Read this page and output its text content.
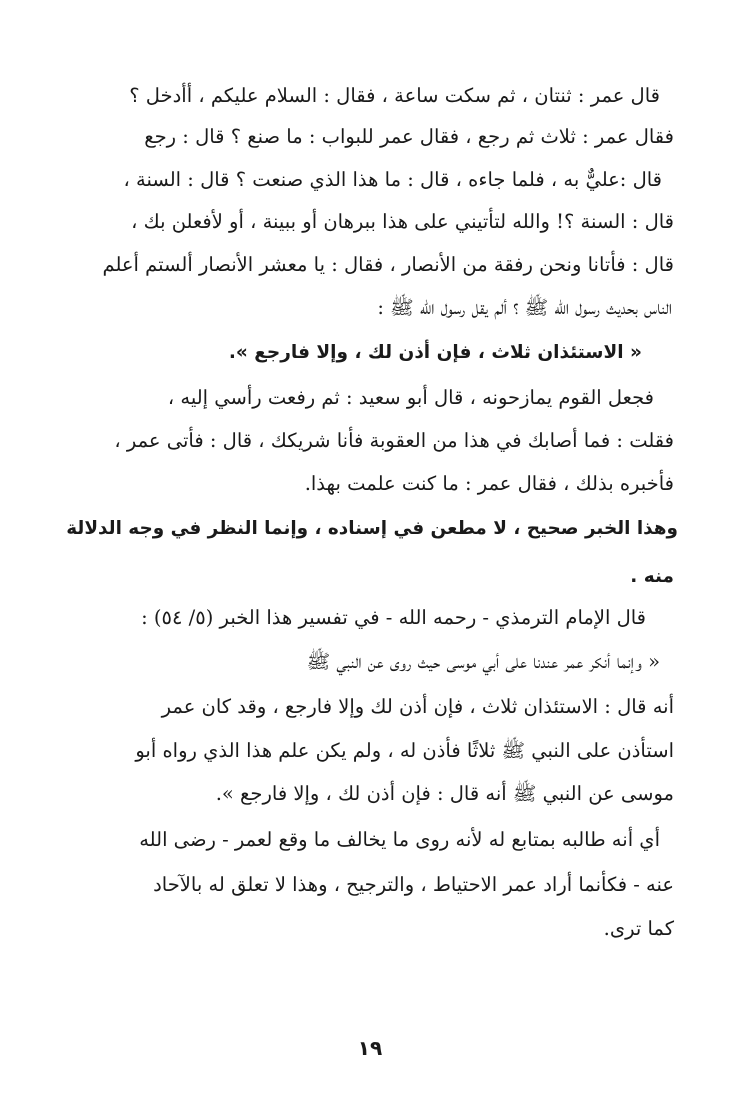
قال عمر : ثنتان ، ثم سكت ساعة ، فقال : السلام عليكم ، أأدخل ؟
فقال عمر : ثلاث ثم رجع ، فقال عمر للبواب : ما صنع ؟ قال : رجع
قال :عليٌّ به ، فلما جاءه ، قال : ما هذا الذي صنعت ؟ قال : السنة ،
قال : السنة ؟! والله لتأتيني على هذا ببرهان أو ببينة ، أو لأفعلن بك ،
قال : فأتانا ونحن رفقة من الأنصار ، فقال : يا معشر الأنصار ألستم أعلم
الناس بحديث رسول الله ﷺ ؟ ألم يقل رسول الله ﷺ :
« الاستئذان ثلاث ، فإن أذن لك ، وإلا فارجع ».
فجعل القوم يمازحونه ، قال أبو سعيد : ثم رفعت رأسي إليه ،
فقلت : فما أصابك في هذا من العقوبة فأنا شريكك ، قال : فأتى عمر ،
فأخبره بذلك ، فقال عمر : ما كنت علمت بهذا.
وهذا الخبر صحيح ، لا مطعن في إسناده ، وإنما النظر في وجه الدلالة
منه .
قال الإمام الترمذي - رحمه الله - في تفسير هذا الخبر (٥/ ٥٤) :
« وإنما أنكر عمر عندنا على أبي موسى حيث روى عن النبي ﷺ
أنه قال : الاستئذان ثلاث ، فإن أذن لك وإلا فارجع ، وقد كان عمر
استأذن على النبي ﷺ ثلاثًا فأذن له ، ولم يكن علم هذا الذي رواه أبو
موسى عن النبي ﷺ أنه قال : فإن أذن لك ، وإلا فارجع ».
أي أنه طالبه بمتابع له لأنه روى ما يخالف ما وقع لعمر - رضى الله
عنه - فكأنما أراد عمر الاحتياط ، والترجيح ، وهذا لا تعلق له بالآحاد
كما ترى.
١٩
